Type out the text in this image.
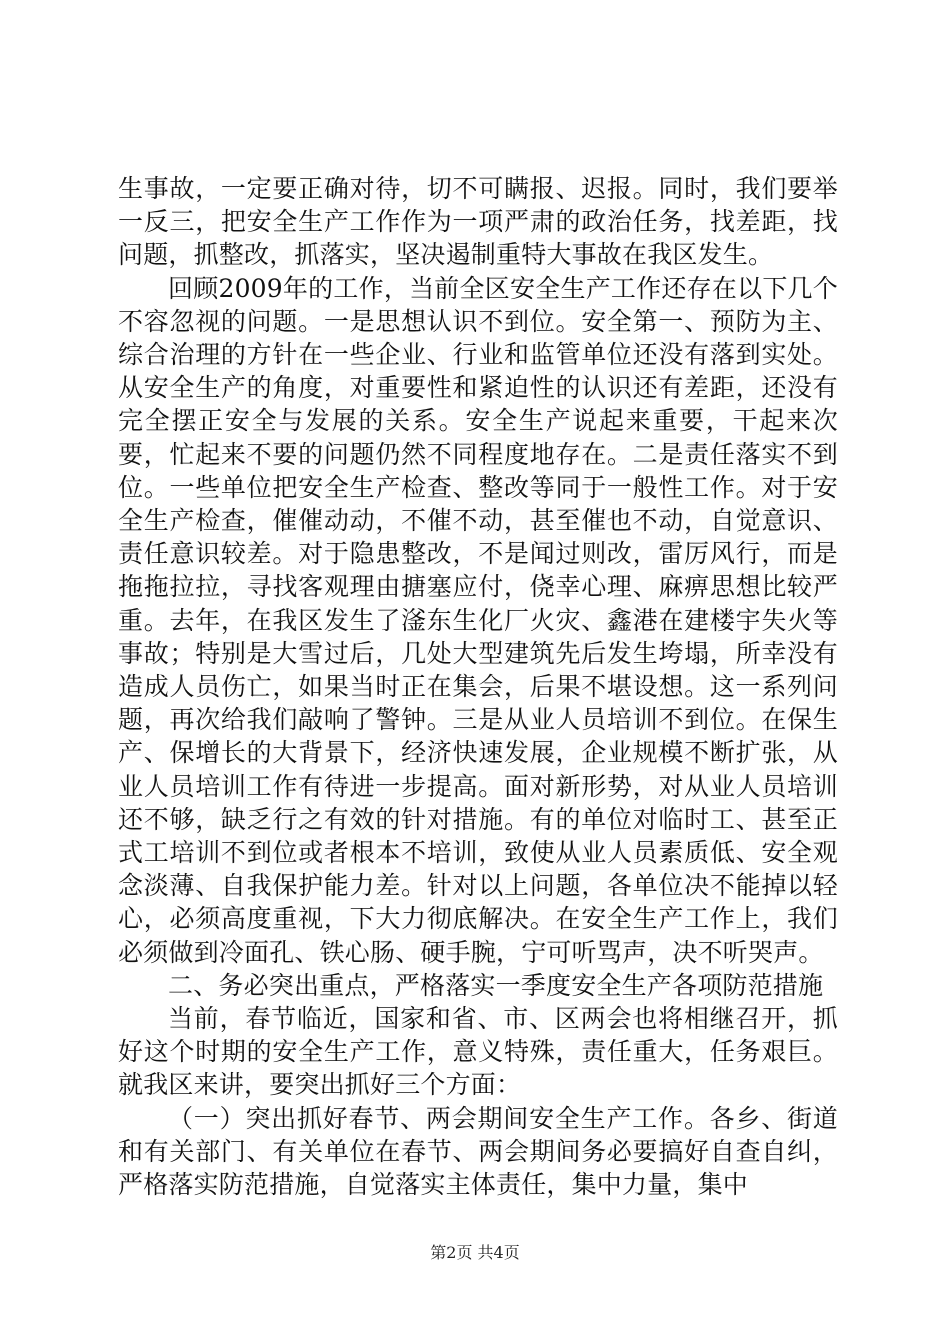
生事故，一定要正确对待，切不可瞒报、迟报。同时，我们要举一反三，把安全生产工作作为一项严肃的政治任务，找差距，找问题，抓整改，抓落实，坚决遏制重特大事故在我区发生。

回顾2009年的工作，当前全区安全生产工作还存在以下几个不容忽视的问题。一是思想认识不到位。安全第一、预防为主、综合治理的方针在一些企业、行业和监管单位还没有落到实处。从安全生产的角度，对重要性和紧迫性的认识还有差距，还没有完全摆正安全与发展的关系。安全生产说起来重要，干起来次要，忙起来不要的问题仍然不同程度地存在。二是责任落实不到位。一些单位把安全生产检查、整改等同于一般性工作。对于安全生产检查，催催动动，不催不动，甚至催也不动，自觉意识、责任意识较差。对于隐患整改，不是闻过则改，雷厉风行，而是拖拖拉拉，寻找客观理由搪塞应付，侥幸心理、麻痹思想比较严重。去年，在我区发生了滏东生化厂火灾、鑫港在建楼宇失火等事故；特别是大雪过后，几处大型建筑先后发生垮塌，所幸没有造成人员伤亡，如果当时正在集会，后果不堪设想。这一系列问题，再次给我们敲响了警钟。三是从业人员培训不到位。在保生产、保增长的大背景下，经济快速发展，企业规模不断扩张，从业人员培训工作有待进一步提高。面对新形势，对从业人员培训还不够，缺乏行之有效的针对措施。有的单位对临时工、甚至正式工培训不到位或者根本不培训，致使从业人员素质低、安全观念淡薄、自我保护能力差。针对以上问题，各单位决不能掉以轻心，必须高度重视，下大力彻底解决。在安全生产工作上，我们必须做到冷面孔、铁心肠、硬手腕，宁可听骂声，决不听哭声。

二、务必突出重点，严格落实一季度安全生产各项防范措施

当前，春节临近，国家和省、市、区两会也将相继召开，抓好这个时期的安全生产工作，意义特殊，责任重大，任务艰巨。就我区来讲，要突出抓好三个方面：

（一）突出抓好春节、两会期间安全生产工作。各乡、街道和有关部门、有关单位在春节、两会期间务必要搞好自查自纠，严格落实防范措施，自觉落实主体责任，集中力量，集中

第2页 共4页
